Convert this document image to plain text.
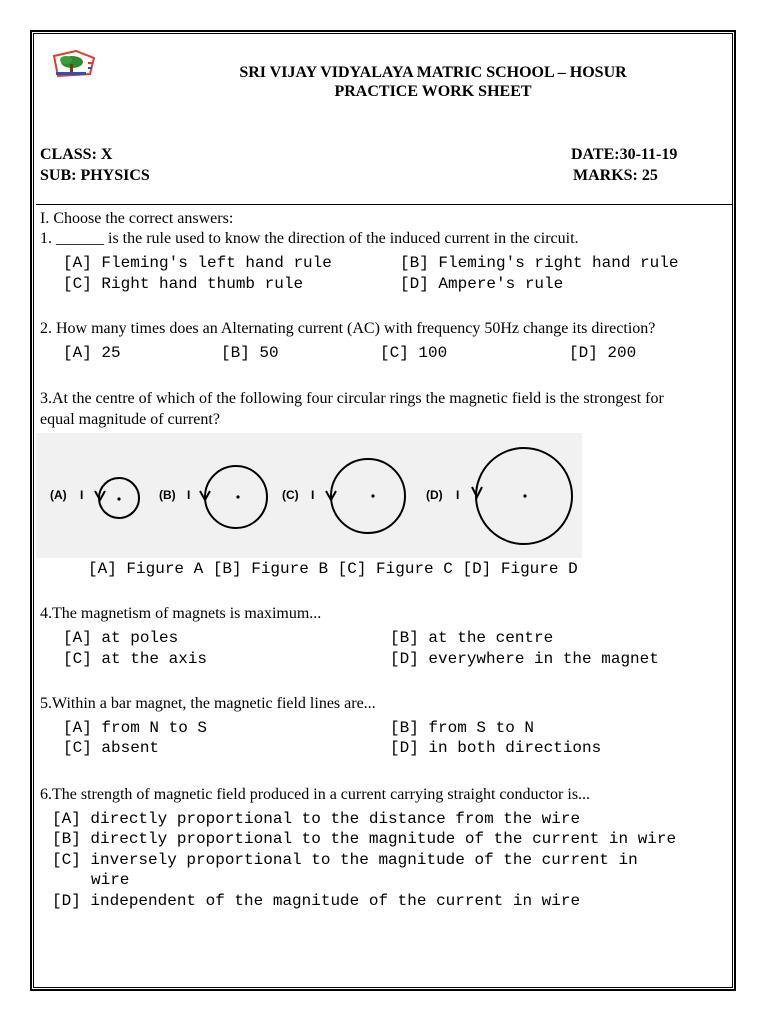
SRI VIJAY VIDYALAYA MATRIC SCHOOL – HOSUR
PRACTICE WORK SHEET
CLASS: X
SUB: PHYSICS
DATE:30-11-19
MARKS: 25
I. Choose the correct answers:
1. ______ is the rule used to know the direction of the induced current in the circuit.
[A] Fleming's left hand rule	[B] Fleming's right hand rule
[C] Right hand thumb rule	[D] Ampere's rule
2. How many times does an Alternating current (AC) with frequency 50Hz change its direction?
[A] 25	[B] 50	[C] 100	[D] 200
3.At the centre of which of the following four circular rings the magnetic field is the strongest for
equal magnitude of current?
(A) I	(B) I	(C) I	(D) I
[A] Figure A [B] Figure B [C] Figure C [D] Figure D
4.The magnetism of magnets is maximum...
[A] at poles	[B] at the centre
[C] at the axis	[D] everywhere in the magnet
5.Within a bar magnet, the magnetic field lines are...
[A] from N to S	[B] from S to N
[C] absent	[D] in both directions
6.The strength of magnetic field produced in a current carrying straight conductor is...
[A] directly proportional to the distance from the wire
[B] directly proportional to the magnitude of the current in wire
[C] inversely proportional to the magnitude of the current in
wire
[D] independent of the magnitude of the current in wire
